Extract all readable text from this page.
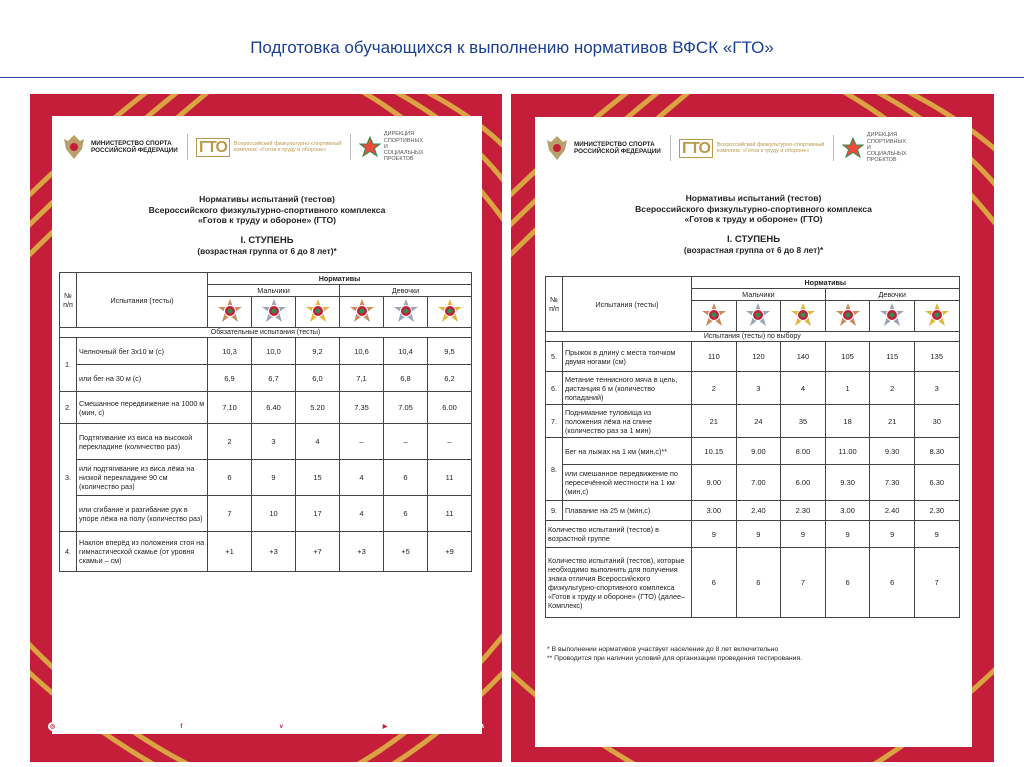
Подготовка обучающихся к выполнению нормативов ВФСК «ГТО»
МИНИСТЕРСТВО СПОРТА РОССИЙСКОЙ ФЕДЕРАЦИИ ГТО	Всероссийский физкультурно-спортивный комплекс «Готов к труду и обороне»
ДИРЕКЦИЯ СПОРТИВНЫХ И СОЦИАЛЬНЫХ ПРОЕКТОВ
Нормативы испытаний (тестов)
Всероссийского физкультурно-спортивного комплекса
«Готов к труду и обороне» (ГТО)
I. СТУПЕНЬ
(возрастная группа от 6 до 8 лет)*
№ п/п	Испытания (тесты)	Нормативы					
		Мальчики			Девочки		

Обязательные испытания (тесты)							
1.	Челночный бег 3х10 м (с)	10,3	10,0	9,2	10,6	10,4	9,5
	или бег на 30 м (с)	6,9	6,7	6,0	7,1	6,8	6,2
2.	Смешанное передвижение на 1000 м (мин, с)	7.10	6.40	5.20	7.35	7.05	6.00
3.	Подтягивание из виса на высокой перекладине (количество раз)	2	3	4	–	–	–
	или подтягивание из виса лёжа на низкой перекладине 90 см (количество раз)	6	9	15	4	6	11
	или сгибание и разгибание рук в упоре лёжа на полу (количество раз)	7	10	17	4	6	11
4.	Наклон вперёд из положения стоя на гимнастической скамье (от уровня скамьи – см)	+1	+3	+7	+3	+5	+9
◎ Instagram.com/vfsk_gto	f Fb.com/vfskgto	v Vk.com/vfsk_gto	▶ Youtube.com/vfskgtorussia
МИНИСТЕРСТВО СПОРТА РОССИЙСКОЙ ФЕДЕРАЦИИ ГТО	Всероссийский физкультурно-спортивный комплекс «Готов к труду и обороне»
ДИРЕКЦИЯ СПОРТИВНЫХ И СОЦИАЛЬНЫХ ПРОЕКТОВ
Нормативы испытаний (тестов)
Всероссийского физкультурно-спортивного комплекса
«Готов к труду и обороне» (ГТО)
I. СТУПЕНЬ
(возрастная группа от 6 до 8 лет)*
№ п/п	Испытания (тесты)	Нормативы					
		Мальчики			Девочки		

Испытания (тесты) по выбору							
5.	Прыжок в длину с места толчком двумя ногами (см)	110	120	140	105	115	135
6.	Метание теннисного мяча в цель, дистанция 6 м (количество попаданий)	2	3	4	1	2	3
7.	Поднимание туловища из положения лёжа на спине (количество раз за 1 мин)	21	24	35	18	21	30
8.	Бег на лыжах на 1 км (мин,с)**	10.15	9.00	8.00	11.00	9.30	8.30
	или смешанное передвижение по пересечённой местности на 1 км (мин,с)	9.00	7.00	6.00	9.30	7.30	6.30
9.	Плавание на 25 м (мин,с)	3.00	2.40	2.30	3.00	2.40	2.30
Количество испытаний (тестов) в возрастной группе		9	9	9	9	9	9
Количество испытаний (тестов), которые необходимо выполнить для получения знака отличия Всероссийского физкультурно-спортивного комплекса «Готов к труду и обороне» (ГТО) (далее–Комплекс)		6	6	7	6	6	7
* В выполнении нормативов участвует население до 8 лет включительно
** Проводится при наличии условий для организации проведения тестирования.
